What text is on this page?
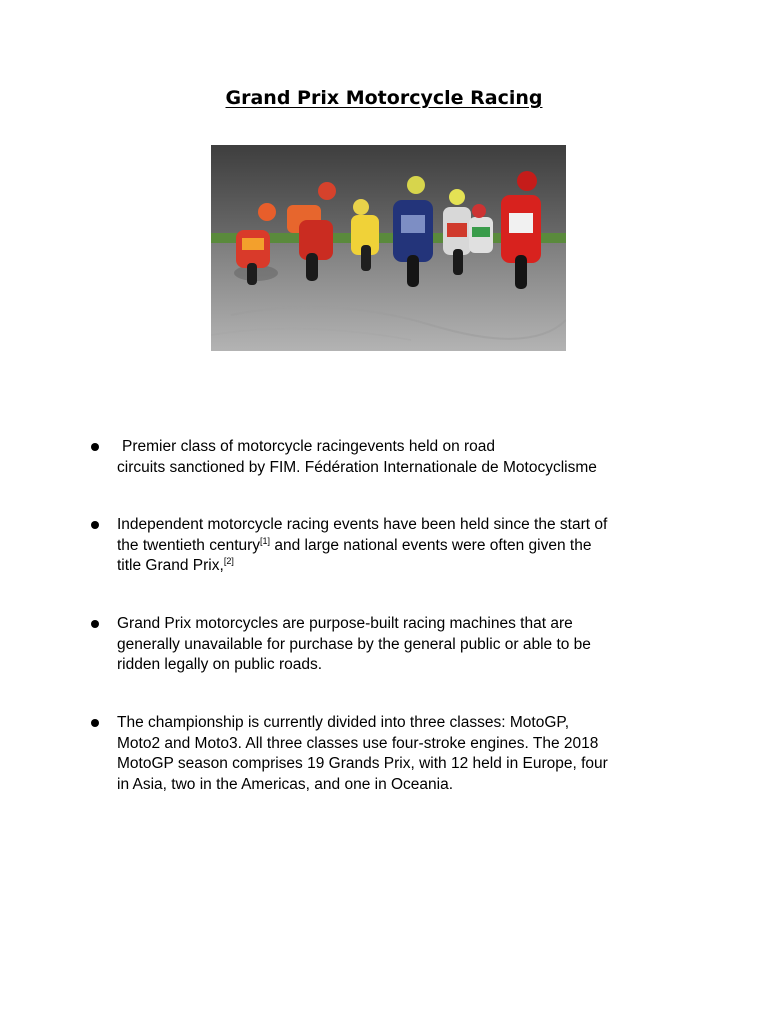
Grand Prix Motorcycle Racing
Premier class of motorcycle racingevents held on road
circuits sanctioned by FIM. Fédération Internationale de Motocyclisme
Independent motorcycle racing events have been held since the start of
the twentieth century[1] and large national events were often given the
title Grand Prix,[2]
Grand Prix motorcycles are purpose-built racing machines that are
generally unavailable for purchase by the general public or able to be
ridden legally on public roads.
The championship is currently divided into three classes: MotoGP,
Moto2 and Moto3. All three classes use four-stroke engines. The 2018
MotoGP season comprises 19 Grands Prix, with 12 held in Europe, four
in Asia, two in the Americas, and one in Oceania.
